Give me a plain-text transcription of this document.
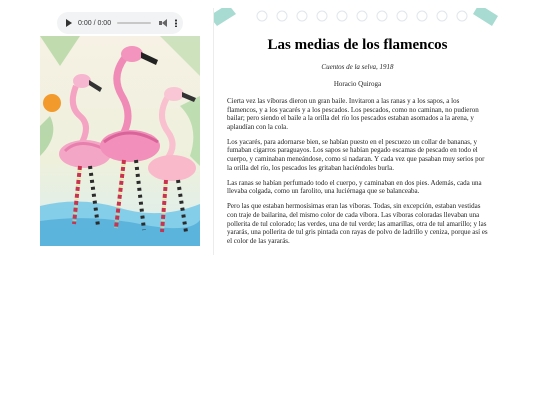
0:00 / 0:00
Las medias de los flamencos
Cuentos de la selva, 1918
Horacio Quiroga

Cierta vez las víboras dieron un gran baile. Invitaron a las ranas y a los sapos, a los flamencos, y a los yacarés y a los pescados. Los pescados, como no caminan, no pudieron bailar; pero siendo el baile a la orilla del río los pescados estaban asomados a la arena, y aplaudían con la cola.

Los yacarés, para adornarse bien, se habían puesto en el pescuezo un collar de bananas, y fumaban cigarros paraguayos. Los sapos se habían pegado escamas de pescado en todo el cuerpo, y caminaban meneándose, como si nadaran. Y cada vez que pasaban muy serios por la orilla del río, los pescados les gritaban haciéndoles burla.

Las ranas se habían perfumado todo el cuerpo, y caminaban en dos pies. Además, cada una llevaba colgada, como un farolito, una luciérnaga que se balanceaba.

Pero las que estaban hermosísimas eran las víboras. Todas, sin excepción, estaban vestidas con traje de bailarina, del mismo color de cada víbora. Las víboras coloradas llevaban una pollerita de tul colorado; las verdes, una de tul verde; las amarillas, otra de tul amarillo; y las yararás, una pollerita de tul gris pintada con rayas de polvo de ladrillo y ceniza, porque así es el color de las yararás.
